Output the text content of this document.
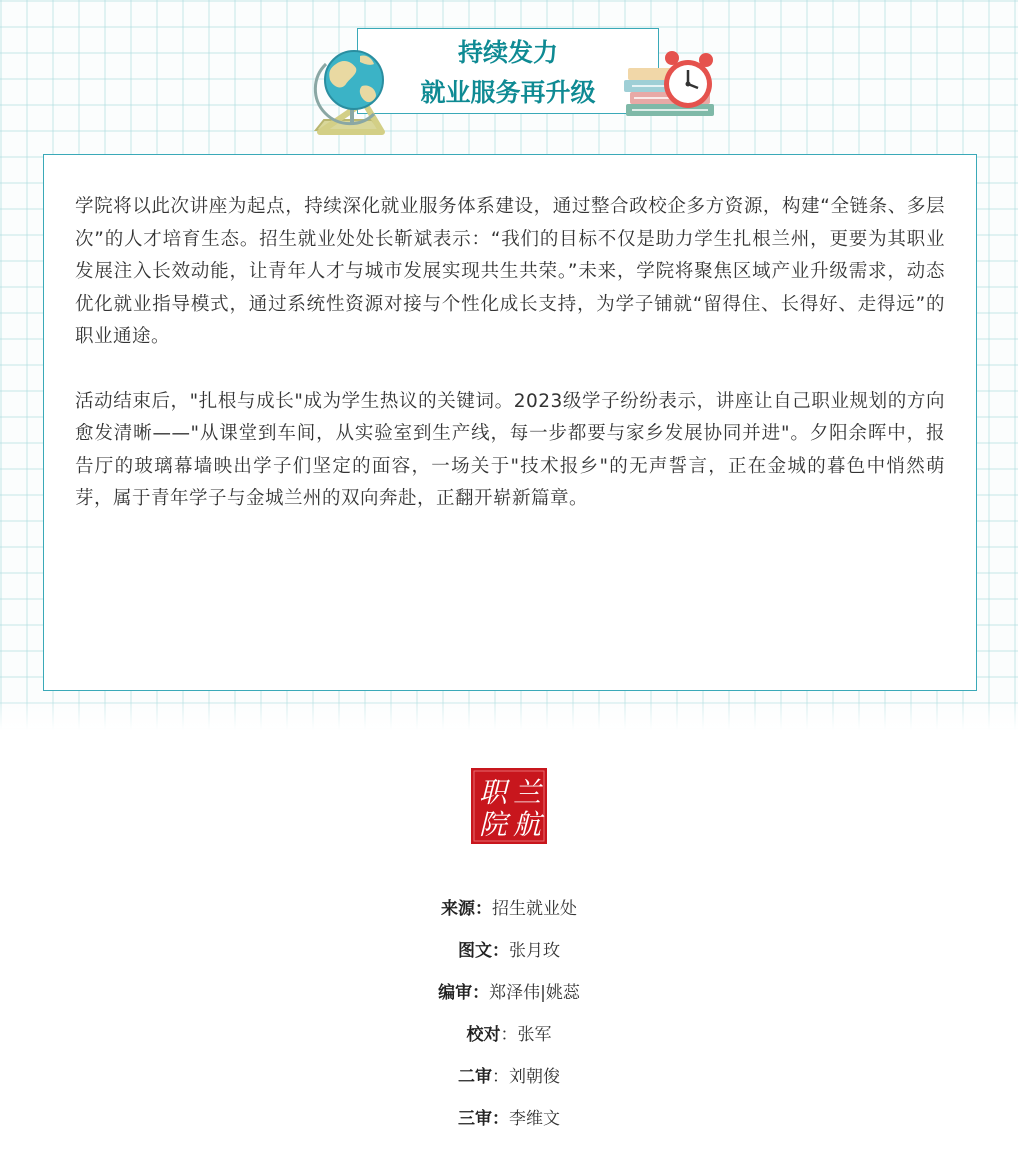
持续发力
就业服务再升级

学院将以此次讲座为起点，持续深化就业服务体系建设，通过整合政校企多方资源，构建“全链条、多层次”的人才培育生态。招生就业处处长靳斌表示：“我们的目标不仅是助力学生扎根兰州，更要为其职业发展注入长效动能，让青年人才与城市发展实现共生共荣。”未来，学院将聚焦区域产业升级需求，动态优化就业指导模式，通过系统性资源对接与个性化成长支持，为学子铺就“留得住、长得好、走得远”的职业通途。

活动结束后，"扎根与成长"成为学生热议的关键词。2023级学子纷纷表示，讲座让自己职业规划的方向愈发清晰——"从课堂到车间，从实验室到生产线，每一步都要与家乡发展协同并进"。夕阳余晖中，报告厅的玻璃幕墙映出学子们坚定的面容，一场关于"技术报乡"的无声誓言，正在金城的暮色中悄然萌芽，属于青年学子与金城兰州的双向奔赴，正翻开崭新篇章。

兰
航
职
院
来源：招生就业处
图文：张月玫
编审：郑泽伟|姚蕊
校对：张军
二审：刘朝俊
三审：李维文
